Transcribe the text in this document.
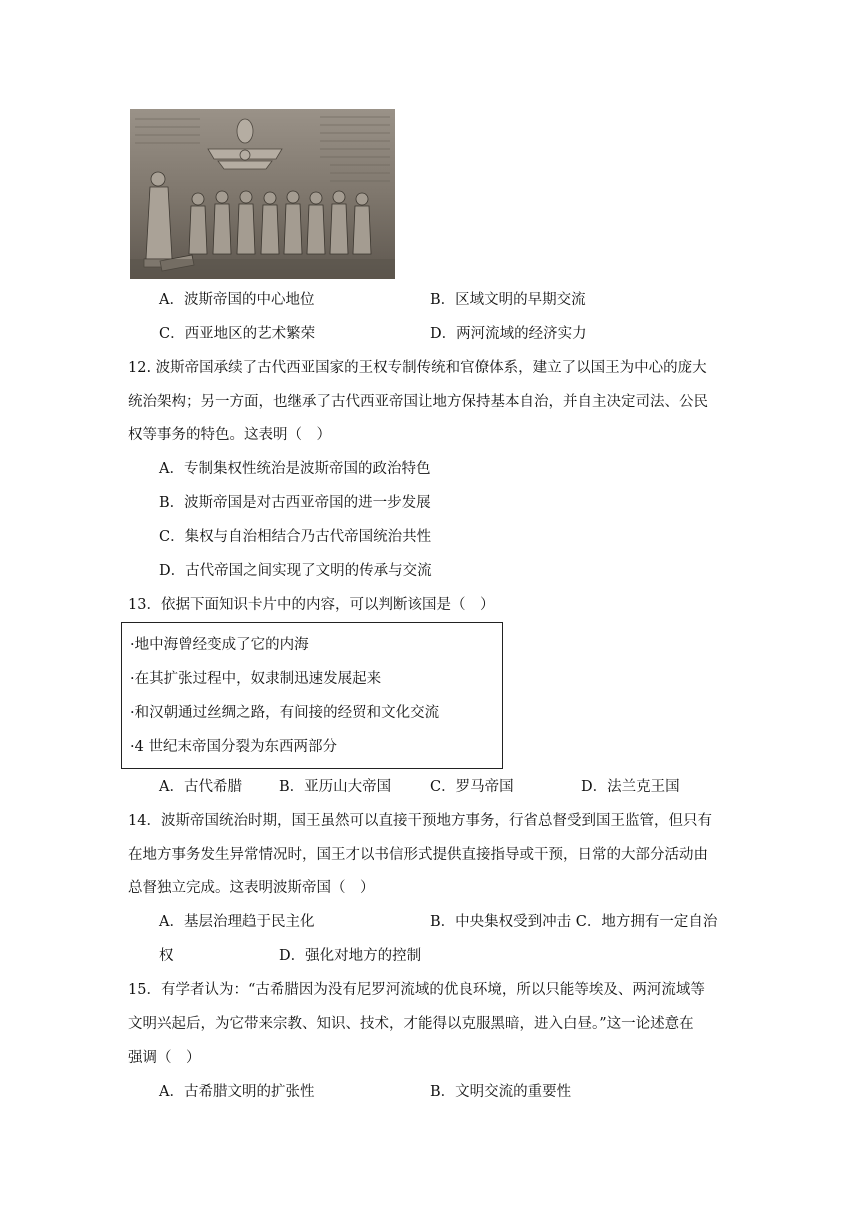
A．波斯帝国的中心地位	B．区域文明的早期交流
C．西亚地区的艺术繁荣	D．两河流域的经济实力
12. 波斯帝国承续了古代西亚国家的王权专制传统和官僚体系，建立了以国王为中心的庞大
统治架构；另一方面，也继承了古代西亚帝国让地方保持基本自治，并自主决定司法、公民
权等事务的特色。这表明（　）
A．专制集权性统治是波斯帝国的政治特色
B．波斯帝国是对古西亚帝国的进一步发展
C．集权与自治相结合乃古代帝国统治共性
D．古代帝国之间实现了文明的传承与交流
13．依据下面知识卡片中的内容，可以判断该国是（　）
·地中海曾经变成了它的内海
·在其扩张过程中，奴隶制迅速发展起来
·和汉朝通过丝绸之路，有间接的经贸和文化交流
·4 世纪末帝国分裂为东西两部分
A．古代希腊	B．亚历山大帝国	C．罗马帝国	D．法兰克王国
14．波斯帝国统治时期，国王虽然可以直接干预地方事务，行省总督受到国王监管，但只有
在地方事务发生异常情况时，国王才以书信形式提供直接指导或干预，日常的大部分活动由
总督独立完成。这表明波斯帝国（　）
A．基层治理趋于民主化	B．中央集权受到冲击 C．地方拥有一定自治
权	D．强化对地方的控制
15．有学者认为：“古希腊因为没有尼罗河流域的优良环境，所以只能等埃及、两河流域等
文明兴起后，为它带来宗教、知识、技术，才能得以克服黑暗，进入白昼。”这一论述意在
强调（　）
A．古希腊文明的扩张性	B．文明交流的重要性
